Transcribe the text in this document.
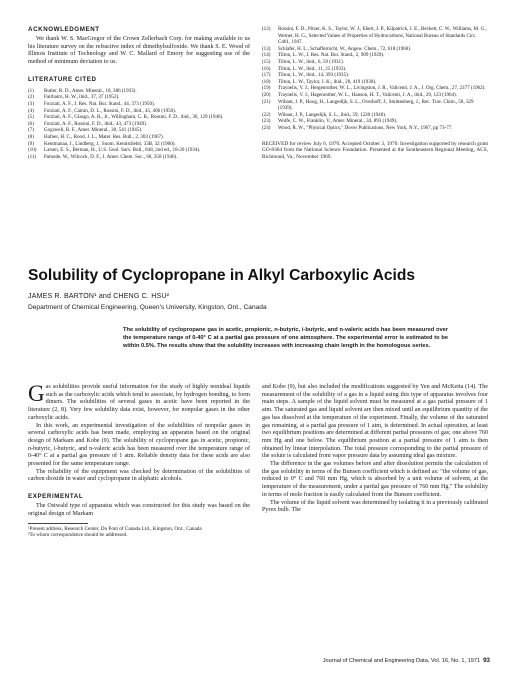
ACKNOWLEDGMENT

We thank W. S. MacGregor of the Crown Zellerbach Corp. for making available to us his literature survey on the refractive index of dimethylsulfoxide. We thank S. E. Wood of Illinois Institute of Technology and W. C. Mallard of Emory for suggesting use of the method of minimum deviation to us.

LITERATURE CITED
(1)	Butler, R. D., Amer. Mineral., 18, 386 (1933).
(2)	Fairbairn, H. W., ibid., 37, 37 (1952).
(3)	Forziati, A. F., J. Res. Nat. Bur. Stand., 44, 373 (1950).
(4)	Forziati, A. F., Camin, D. L., Rossini, F. D., ibid., 45, 406 (1950).
(5)	Forziati, A. F., Glasgo, A. R., Jr., Willingham, C. B., Rossini, F. D., ibid., 36, 129 (1946).
(6)	Forziati, A. F., Rossini, F. D., ibid., 43, 473 (1949).
(7)	Gogswell, R. F., Amer. Mineral., 30, 541 (1945).
(8)	Hafner, H. C., Rood, J. L., Mater. Res. Bull., 2, 303 (1967).
(9)	Kentmanaa, J., Lindberg, J., Suom. Kemistilehti, 33B, 32 (1960).
(10)	Larsen, E. S., Berman, H., U.S. Geol. Surv. Bull., 848, 2nd ed., 18-20 (1934).
(11)	Patnode, W., Wilcock, D. F., J. Amer. Chem. Soc., 68, 358 (1946).
(12)	Rossini, F. D., Pitzer, K. S., Taylor, W. J., Ebert, J. P., Kilpatrick, J. E., Beckett, C. W., Williams, M. G., Werner, H. G., Selected Values of Properties of Hydrocarbons, National Bureau of Standards Circ. C461, 1947.
(13)	Schlafer, H. L., Schaffernicht, W., Angew. Chem., 72, 618 (1960).
(14)	Tilton, L. W., J. Res. Nat. Bur. Stand., 2, 909 (1929).
(15)	Tilton, L. W., ibid., 6, 59 (1931).
(16)	Tilton, L. W., ibid., 11, 25 (1933).
(17)	Tilton, L. W., ibid., 14, 393 (1935).
(18)	Tilton, L. W., Taylor, J. K., ibid., 20, 419 (1938).
(19)	Traynelis, V. J., Hergenrother, W. L., Livingston, J. R., Valicenti, J. A., J. Org. Chem., 27, 2377 (1962).
(20)	Traynelis, V. J., Hagenrother, W. L., Hanson, H. T., Valicenti, J. A., ibid., 29, 123 (1964).
(21)	Wibaut, J. P., Hoog, H., Langedijk, S. L., Overhoff, J., Smittenberg, J., Rec. Trav. Chim., 58, 329 (1939).
(22)	Wibaut, J. P., Langedijk, S. L., ibid., 59, 1220 (1940).
(23)	Wolfe, C. W., Franklin, V., Amer. Mineral., 34, 893 (1949).
(24)	Wood, R. W., "Physical Optics," Dover Publications, New York, N.Y., 1967, pp 73-77.

RECEIVED for review July 6, 1970. Accepted October 3, 1970. Investigation supported by research grant GO-8364 from the National Science Foundation. Presented at the Southeastern Regional Meeting, ACS, Richmond, Va., November 1969.

Solubility of Cyclopropane in Alkyl Carboxylic Acids

JAMES R. BARTON¹ and CHENG C. HSU²

Department of Chemical Engineering, Queen's University, Kingston, Ont., Canada

The solubility of cyclopropane gas in acetic, propionic, n-butyric, i-butyric, and n-valeric acids has been measured over the temperature range of 0-40° C at a partial gas pressure of one atmosphere. The experimental error is estimated to be within 0.5%. The results show that the solubility increases with increasing chain length in the homologous series.

Gas solubilities provide useful information for the study of highly nonideal liquids such as the carboxylic acids which tend to associate, by hydrogen bonding, to form dimers. The solubilities of several gases in acetic have been reported in the literature (2, 8). Very few solubility data exist, however, for nonpolar gases in the other carboxylic acids.

In this work, an experimental investigation of the solubilities of nonpolar gases in several carboxylic acids has been made, employing an apparatus based on the original design of Markam and Kobe (9). The solubility of cyclopropane gas in acetic, propionic, n-butyric, i-butyric, and n-valeric acids has been measured over the temperature range of 0-40° C at a partial gas pressure of 1 atm. Reliable density data for these acids are also presented for the same temperature range.

The reliability of the equipment was checked by determination of the solubilities of carbon dioxide in water and cyclopropane in aliphatic alcohols.

EXPERIMENTAL

The Ostwald type of apparatus which was constructed for this study was based on the original design of Markam

¹Present address, Research Center, Du Pont of Canada Ltd., Kingston, Ont., Canada

²To whom correspondence should be addressed.

and Kobe (9), but also included the modifications suggested by Yen and McKetta (14). The measurement of the solubility of a gas in a liquid using this type of apparatus involves four main steps. A sample of the liquid solvent must be measured at a gas partial pressure of 1 atm. The saturated gas and liquid solvent are then mixed until an equilibrium quantity of the gas has dissolved at the temperature of the experiment. Finally, the volume of the saturated gas remaining, at a partial gas pressure of 1 atm, is determined. In actual operation, at least two equilibrium positions are determined at different partial pressures of gas; one above 760 mm Hg and one below. The equilibrium position at a partial pressure of 1 atm is then obtained by linear interpolation. The total pressure corresponding to the partial pressure of the solute is calculated from vapor pressure data by assuming ideal gas mixture.

The difference in the gas volumes before and after dissolution permits the calculation of the gas solubility in terms of the Bunsen coefficient which is defined as: "the volume of gas, reduced to 0° C and 760 mm Hg, which is absorbed by a unit volume of solvent, at the temperature of the measurement, under a partial gas pressure of 760 mm Hg." The solubility in terms of mole fraction is easily calculated from the Bunsen coefficient.

The volume of the liquid solvent was determined by isolating it in a previously calibrated Pyrex bulb. The

Journal of Chemical and Engineering Data, Vol. 16, No. 1, 1971 93
